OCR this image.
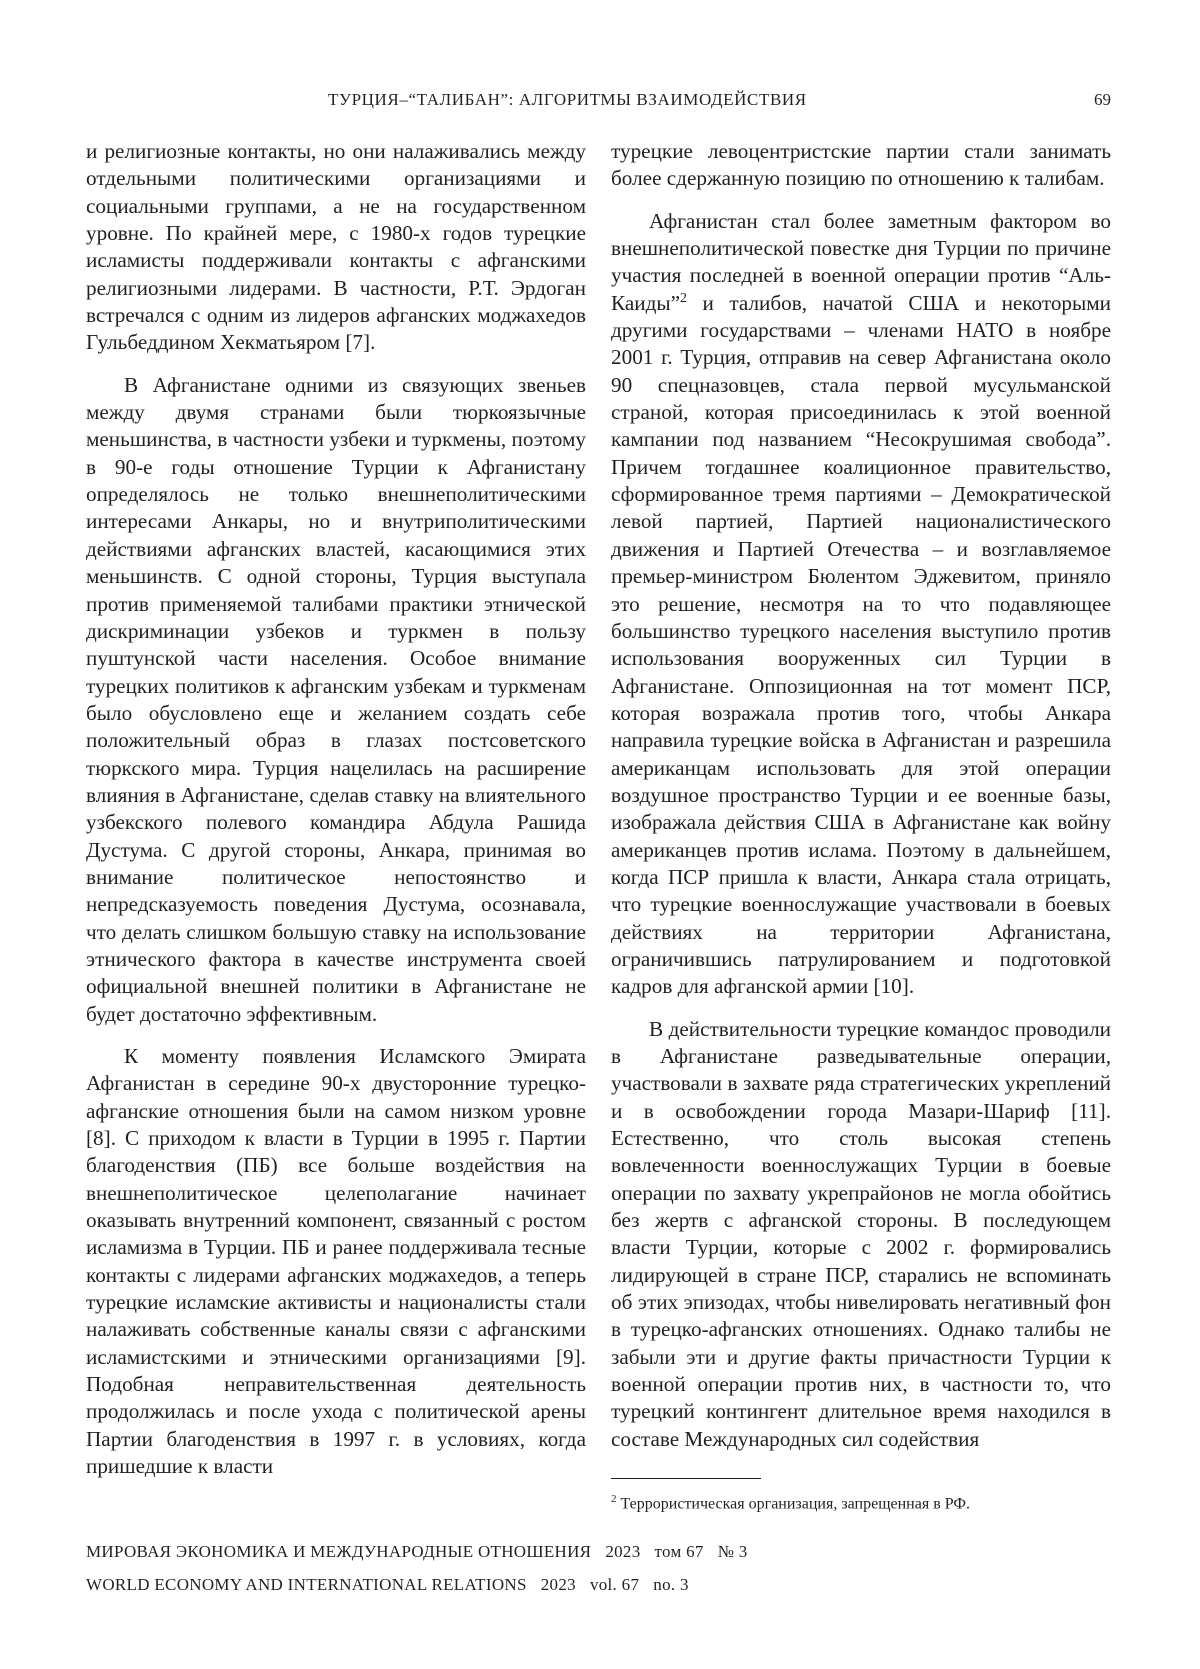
ТУРЦИЯ–“ТАЛИБАН”: АЛГОРИТМЫ ВЗАИМОДЕЙСТВИЯ	69

и религиозные контакты, но они налаживались между отдельными политическими организациями и социальными группами, а не на государственном уровне. По крайней мере, с 1980-х годов турецкие исламисты поддерживали контакты с афганскими религиозными лидерами. В частности, Р.Т. Эрдоган встречался с одним из лидеров афганских моджахедов Гульбеддином Хекматьяром [7].

В Афганистане одними из связующих звеньев между двумя странами были тюркоязычные меньшинства, в частности узбеки и туркмены, поэтому в 90-е годы отношение Турции к Афганистану определялось не только внешнеполитическими интересами Анкары, но и внутриполитическими действиями афганских властей, касающимися этих меньшинств. С одной стороны, Турция выступала против применяемой талибами практики этнической дискриминации узбеков и туркмен в пользу пуштунской части населения. Особое внимание турецких политиков к афганским узбекам и туркменам было обусловлено еще и желанием создать себе положительный образ в глазах постсоветского тюркского мира. Турция нацелилась на расширение влияния в Афганистане, сделав ставку на влиятельного узбекского полевого командира Абдула Рашида Дустума. С другой стороны, Анкара, принимая во внимание политическое непостоянство и непредсказуемость поведения Дустума, осознавала, что делать слишком большую ставку на использование этнического фактора в качестве инструмента своей официальной внешней политики в Афганистане не будет достаточно эффективным.

К моменту появления Исламского Эмирата Афганистан в середине 90-х двусторонние турецко-афганские отношения были на самом низком уровне [8]. С приходом к власти в Турции в 1995 г. Партии благоденствия (ПБ) все больше воздействия на внешнеполитическое целеполагание начинает оказывать внутренний компонент, связанный с ростом исламизма в Турции. ПБ и ранее поддерживала тесные контакты с лидерами афганских моджахедов, а теперь турецкие исламские активисты и националисты стали налаживать собственные каналы связи с афганскими исламистскими и этническими организациями [9]. Подобная неправительственная деятельность продолжилась и после ухода с политической арены Партии благоденствия в 1997 г. в условиях, когда пришедшие к власти

турецкие левоцентристские партии стали занимать более сдержанную позицию по отношению к талибам.

Афганистан стал более заметным фактором во внешнеполитической повестке дня Турции по причине участия последней в военной операции против “Аль-Каиды”2 и талибов, начатой США и некоторыми другими государствами – членами НАТО в ноябре 2001 г. Турция, отправив на север Афганистана около 90 спецназовцев, стала первой мусульманской страной, которая присоединилась к этой военной кампании под названием “Несокрушимая свобода”. Причем тогдашнее коалиционное правительство, сформированное тремя партиями – Демократической левой партией, Партией националистического движения и Партией Отечества – и возглавляемое премьер-министром Бюлентом Эджевитом, приняло это решение, несмотря на то что подавляющее большинство турецкого населения выступило против использования вооруженных сил Турции в Афганистане. Оппозиционная на тот момент ПСР, которая возражала против того, чтобы Анкара направила турецкие войска в Афганистан и разрешила американцам использовать для этой операции воздушное пространство Турции и ее военные базы, изображала действия США в Афганистане как войну американцев против ислама. Поэтому в дальнейшем, когда ПСР пришла к власти, Анкара стала отрицать, что турецкие военнослужащие участвовали в боевых действиях на территории Афганистана, ограничившись патрулированием и подготовкой кадров для афганской армии [10].

В действительности турецкие командос проводили в Афганистане разведывательные операции, участвовали в захвате ряда стратегических укреплений и в освобождении города Мазари-Шариф [11]. Естественно, что столь высокая степень вовлеченности военнослужащих Турции в боевые операции по захвату укрепрайонов не могла обойтись без жертв с афганской стороны. В последующем власти Турции, которые с 2002 г. формировались лидирующей в стране ПСР, старались не вспоминать об этих эпизодах, чтобы нивелировать негативный фон в турецко-афганских отношениях. Однако талибы не забыли эти и другие факты причастности Турции к военной операции против них, в частности то, что турецкий контингент длительное время находился в составе Международных сил содействия

2 Террористическая организация, запрещенная в РФ.
МИРОВАЯ ЭКОНОМИКА И МЕЖДУНАРОДНЫЕ ОТНОШЕНИЯ 2023 том 67 № 3
WORLD ECONOMY AND INTERNATIONAL RELATIONS 2023 vol. 67 no. 3
